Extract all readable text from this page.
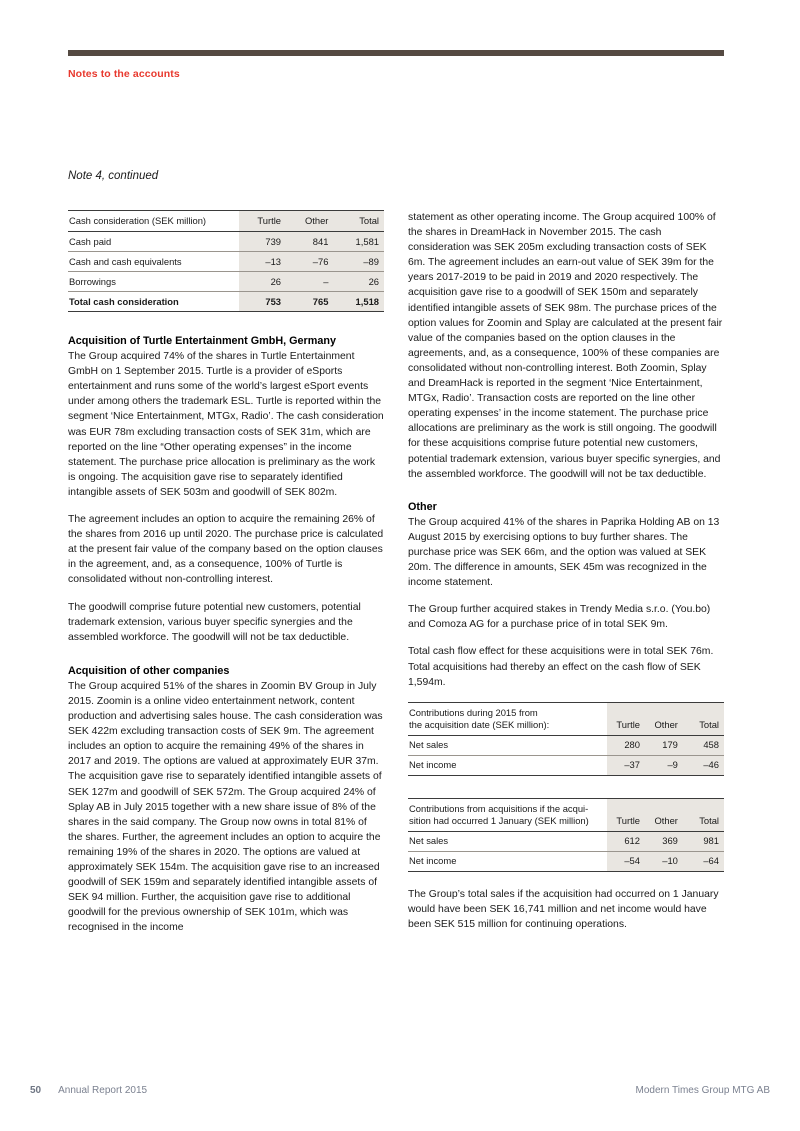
Notes to the accounts
Note 4, continued
Cash consideration (SEK million)	Turtle	Other	Total
Cash paid	739	841	1,581
Cash and cash equivalents	–13	–76	–89
Borrowings	26	–	26
Total cash consideration	753	765	1,518
Acquisition of Turtle Entertainment GmbH, Germany

The Group acquired 74% of the shares in Turtle Entertainment GmbH on 1 September 2015. Turtle is a provider of eSports entertainment and runs some of the world’s largest eSport events under among others the trademark ESL. Turtle is reported within the segment ‘Nice Entertainment, MTGx, Radio’. The cash consideration was EUR 78m excluding transaction costs of SEK 31m, which are reported on the line “Other operating expenses” in the income statement. The purchase price allocation is preliminary as the work is ongoing. The acquisition gave rise to separately identified intangible assets of SEK 503m and goodwill of SEK 802m.

The agreement includes an option to acquire the remaining 26% of the shares from 2016 up until 2020. The purchase price is calculated at the present fair value of the company based on the option clauses in the agreement, and, as a consequence, 100% of Turtle is consolidated without non-controlling interest.

The goodwill comprise future potential new customers, potential trademark extension, various buyer specific synergies and the assembled workforce. The goodwill will not be tax deductible.

Acquisition of other companies

The Group acquired 51% of the shares in Zoomin BV Group in July 2015. Zoomin is a online video entertainment network, content production and advertising sales house. The cash consideration was SEK 422m excluding transaction costs of SEK 9m. The agreement includes an option to acquire the remaining 49% of the shares in 2017 and 2019. The options are valued at approximately EUR 37m. The acquisition gave rise to separately identified intangible assets of SEK 127m and goodwill of SEK 572m. The Group acquired 24% of Splay AB in July 2015 together with a new share issue of 8% of the shares in the said company. The Group now owns in total 81% of the shares. Further, the agreement includes an option to acquire the remaining 19% of the shares in 2020. The options are valued at approximately SEK 154m. The acquisition gave rise to an increased goodwill of SEK 159m and separately identified intangible assets of SEK 94 million. Further, the acquisition gave rise to additional goodwill for the previous ownership of SEK 101m, which was recognised in the income

statement as other operating income. The Group acquired 100% of the shares in DreamHack in November 2015. The cash consideration was SEK 205m excluding transaction costs of SEK 6m. The agreement includes an earn-out value of SEK 39m for the years 2017-2019 to be paid in 2019 and 2020 respectively. The acquisition gave rise to a goodwill of SEK 150m and separately identified intangible assets of SEK 98m. The purchase prices of the option values for Zoomin and Splay are calculated at the present fair value of the companies based on the option clauses in the agreements, and, as a consequence, 100% of these companies are consolidated without non-controlling interest. Both Zoomin, Splay and DreamHack is reported in the segment ‘Nice Entertainment, MTGx, Radio’. Transaction costs are reported on the line other operating expenses’ in the income statement. The purchase price allocations are preliminary as the work is still ongoing. The goodwill for these acquisitions comprise future potential new customers, potential trademark extension, various buyer specific synergies, and the assembled workforce. The goodwill will not be tax deductible.

Other

The Group acquired 41% of the shares in Paprika Holding AB on 13 August 2015 by exercising options to buy further shares. The purchase price was SEK 66m, and the option was valued at SEK 20m. The difference in amounts, SEK 45m was recognized in the income statement.

The Group further acquired stakes in Trendy Media s.r.o. (You.bo) and Comoza AG for a purchase price of in total SEK 9m.

Total cash flow effect for these acquisitions were in total SEK 76m. Total acquisitions had thereby an effect on the cash flow of SEK 1,594m.

Contributions during 2015 from
the acquisition date (SEK million):	Turtle	Other	Total
Net sales	280	179	458
Net income	–37	–9	–46
Contributions from acquisitions if the acqui-
sition had occurred 1 January (SEK million)	Turtle	Other	Total
Net sales	612	369	981
Net income	–54	–10	–64

The Group’s total sales if the acquisition had occurred on 1 January would have been SEK 16,741 million and net income would have been SEK 515 million for continuing operations.

50 Annual Report 2015	Modern Times Group MTG AB
